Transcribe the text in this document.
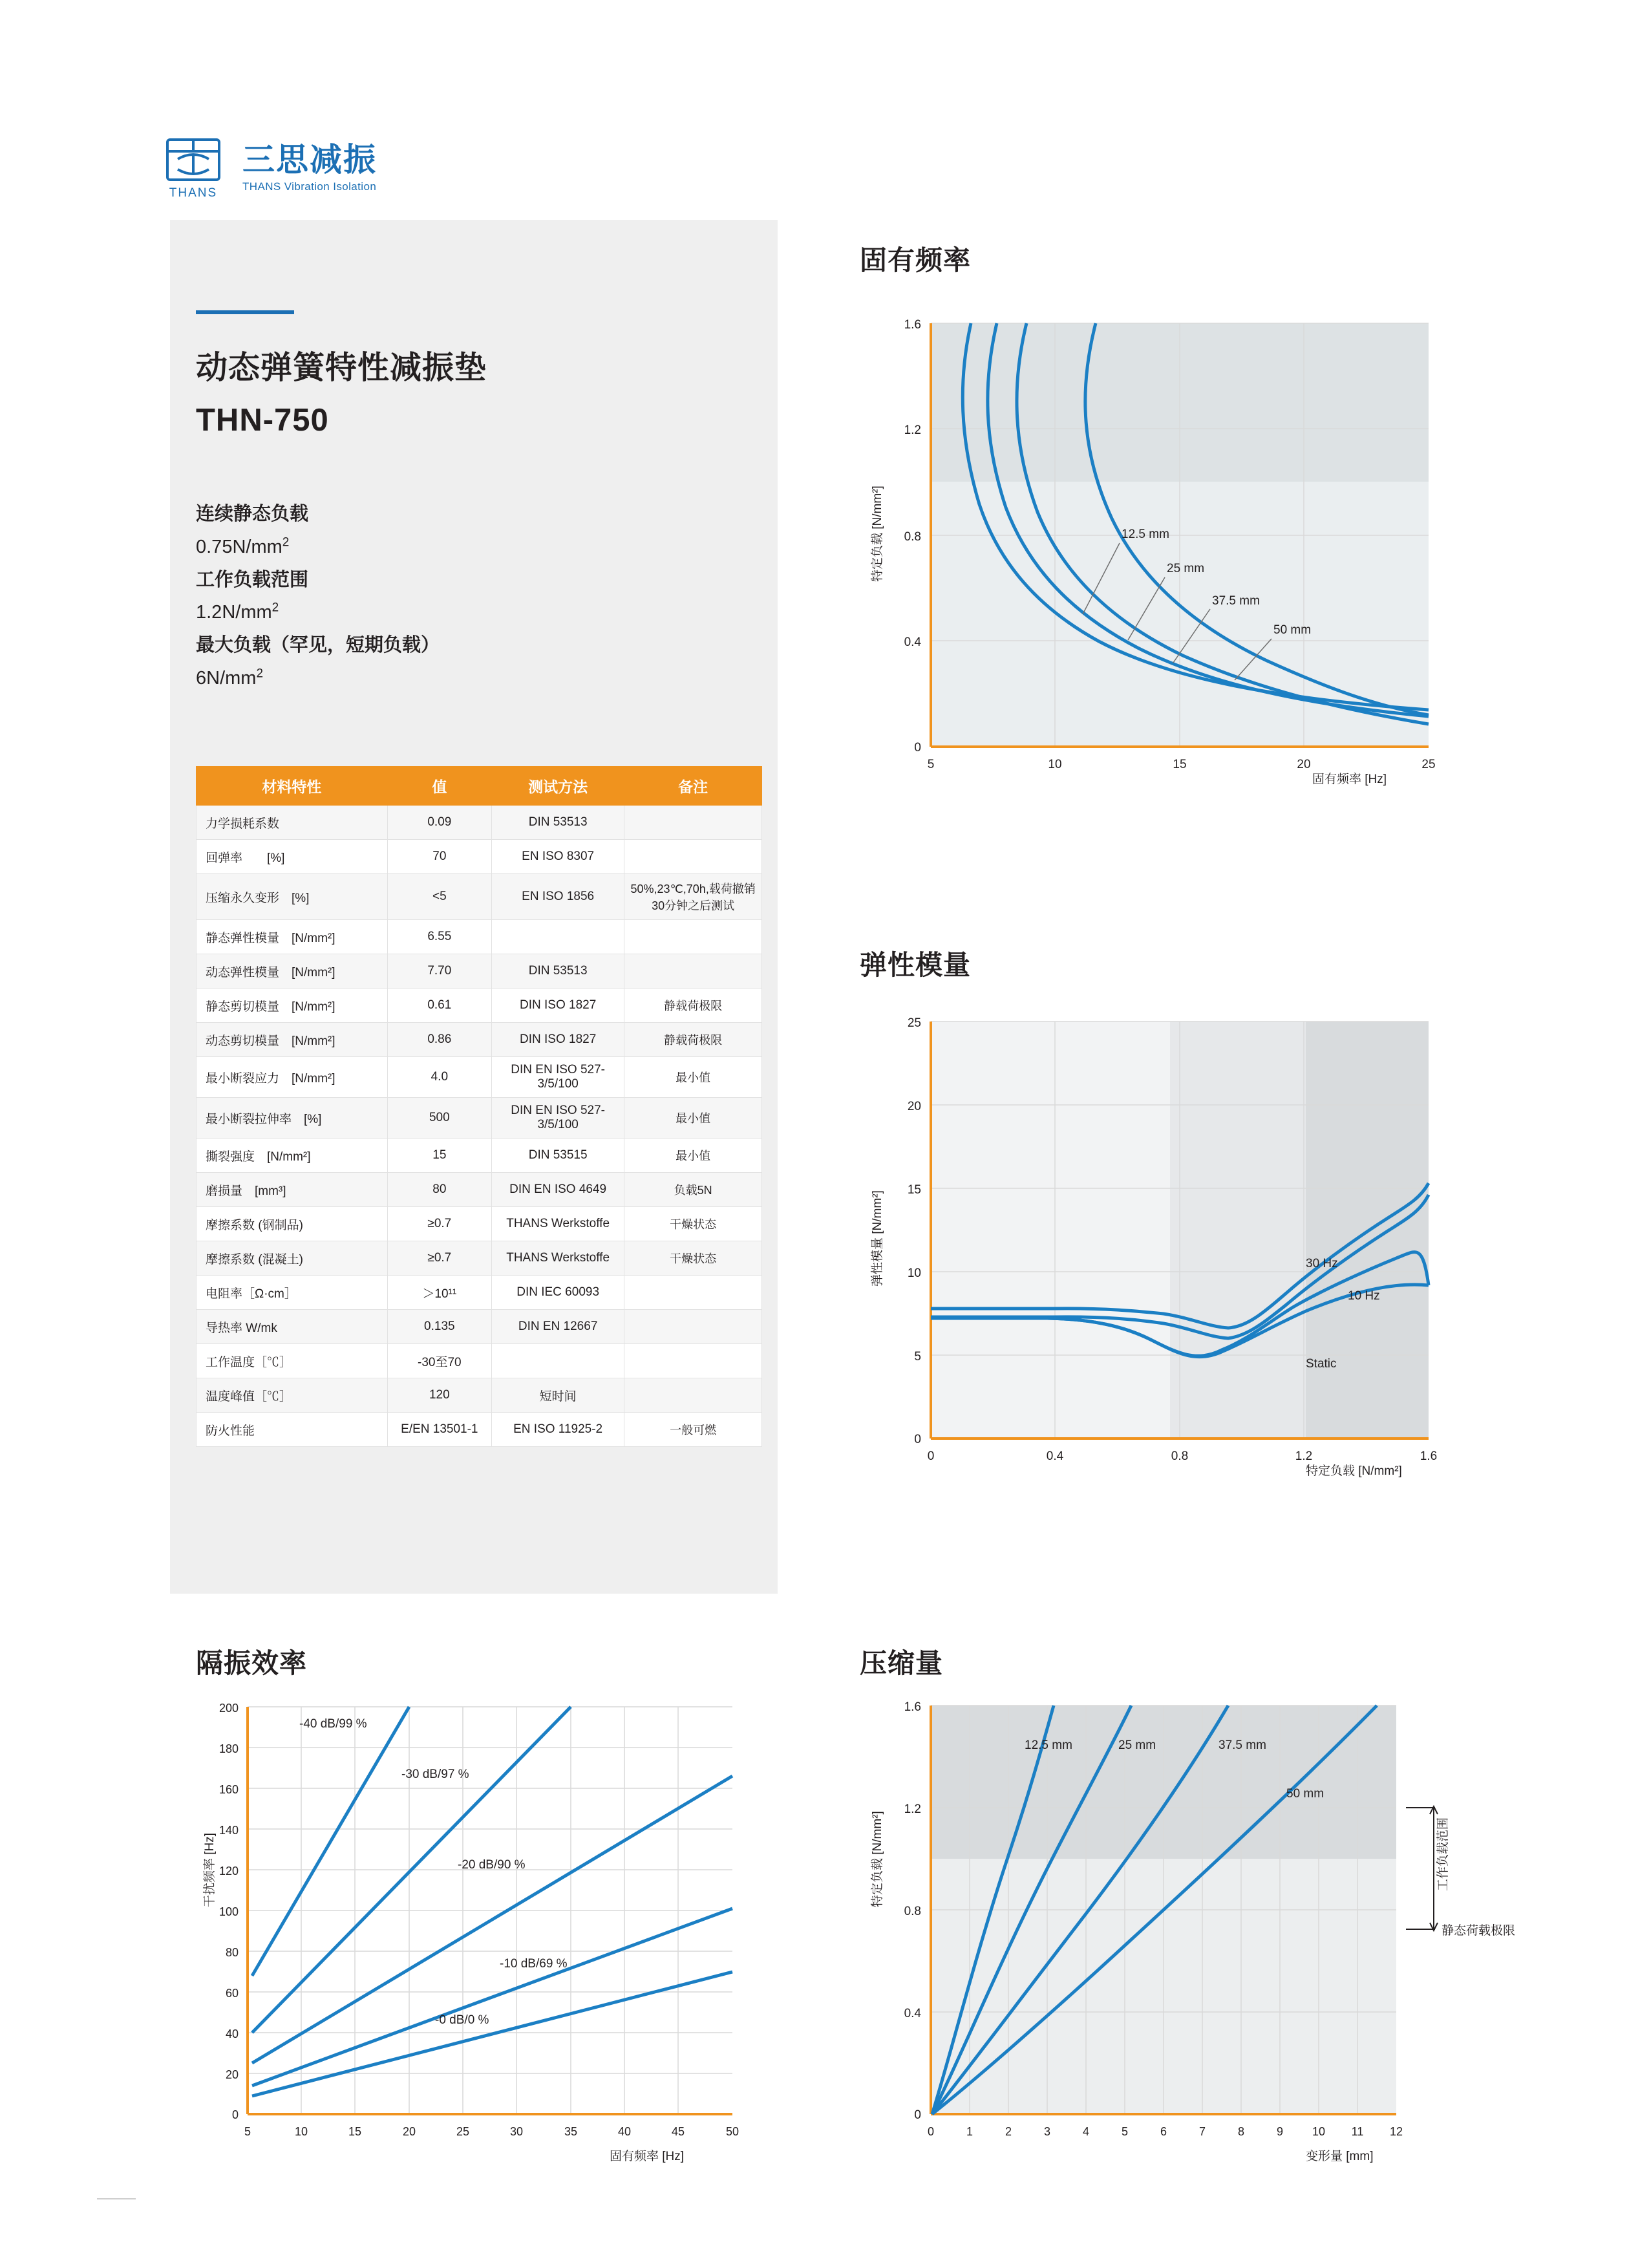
THANS
三思减振
THANS Vibration Isolation
动态弹簧特性减振垫
THN-750
连续静态负载
$0.75N/mm^2$
工作负载范围
$1.2N/mm^2$
最大负载（罕见，短期负载）
$6N/mm^2$
材料特性	值	测试方法	备注
力学损耗系数	0.09	DIN 53513	
回弹率　　[%]	70	EN ISO 8307	
压缩永久变形　[%]	<5	EN ISO 1856	50%,23℃,70h,载荷撤销30分钟之后测试
静态弹性模量　[N/mm²]	6.55		
动态弹性模量　[N/mm²]	7.70	DIN 53513	
静态剪切模量　[N/mm²]	0.61	DIN ISO 1827	静载荷极限
动态剪切模量　[N/mm²]	0.86	DIN ISO 1827	静载荷极限
最小断裂应力　[N/mm²]	4.0	DIN EN ISO 527-3/5/100	最小值
最小断裂拉伸率　[%]	500	DIN EN ISO 527-3/5/100	最小值
撕裂强度　[N/mm²]	15	DIN 53515	最小值
磨损量　[mm³]	80	DIN EN ISO 4649	负载5N
摩擦系数 (钢制品)	≥0.7	THANS Werkstoffe	干燥状态
摩擦系数 (混凝土)	≥0.7	THANS Werkstoffe	干燥状态
电阻率［Ω·cm］	＞10¹¹	DIN IEC 60093	
导热率 W/mk	0.135	DIN EN 12667	
工作温度［℃］	-30至70		
温度峰值［℃］	120	短时间	
防火性能	E/EN 13501-1	EN ISO 11925-2	一般可燃
固有频率
弹性模量
隔振效率	压缩量
特定负载 [N/mm²]
固有频率 [Hz]
12.5 mm
25 mm
37.5 mm
50 mm
1.6
1.2
0.8
0.4
0
5	10	15	20	25
弹性模量 [N/mm²]
特定负载 [N/mm²]
30 Hz
10 Hz
Static
25
20
15
10
5
0
0	0.4	0.8	1.2	1.6
干扰频率 [Hz]
固有频率 [Hz]
-40 dB/99 %
-30 dB/97 %
-20 dB/90 %
-10 dB/69 %
-0 dB/0 %
200
180
160
140
120
100
80
60
40
20
0
5	10	15	20	25	30	35	40	45	50
特定负载 [N/mm²]
变形量 [mm]
12.5 mm	25 mm	37.5 mm
50 mm
工作负载范围
静态荷载极限
1.6
1.2
0.8
0.4
0
0	1	2	3	4	5	6	7	8	9 10 11 12
